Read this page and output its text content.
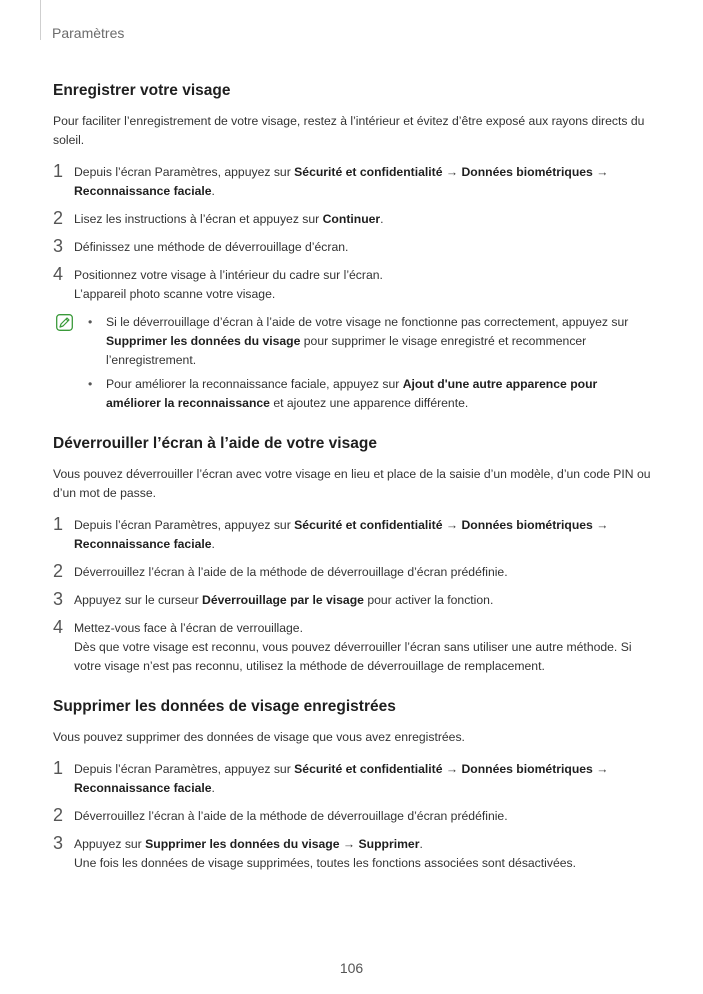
Paramètres
Enregistrer votre visage

Pour faciliter l’enregistrement de votre visage, restez à l’intérieur et évitez d’être exposé aux rayons directs du soleil.

1 Depuis l’écran Paramètres, appuyez sur Sécurité et confidentialité → Données biométriques → Reconnaissance faciale.
2 Lisez les instructions à l’écran et appuyez sur Continuer.
3 Définissez une méthode de déverrouillage d’écran.
4 Positionnez votre visage à l’intérieur du cadre sur l’écran.
L’appareil photo scanne votre visage.
• Si le déverrouillage d’écran à l’aide de votre visage ne fonctionne pas correctement, appuyez sur Supprimer les données du visage pour supprimer le visage enregistré et recommencer l’enregistrement.
• Pour améliorer la reconnaissance faciale, appuyez sur Ajout d'une autre apparence pour améliorer la reconnaissance et ajoutez une apparence différente.
Déverrouiller l’écran à l’aide de votre visage

Vous pouvez déverrouiller l’écran avec votre visage en lieu et place de la saisie d’un modèle, d’un code PIN ou d’un mot de passe.

1 Depuis l’écran Paramètres, appuyez sur Sécurité et confidentialité → Données biométriques → Reconnaissance faciale.
2 Déverrouillez l’écran à l’aide de la méthode de déverrouillage d’écran prédéfinie.
3 Appuyez sur le curseur Déverrouillage par le visage pour activer la fonction.
4 Mettez-vous face à l’écran de verrouillage.
Dès que votre visage est reconnu, vous pouvez déverrouiller l’écran sans utiliser une autre méthode. Si votre visage n’est pas reconnu, utilisez la méthode de déverrouillage de remplacement.
Supprimer les données de visage enregistrées

Vous pouvez supprimer des données de visage que vous avez enregistrées.

1 Depuis l’écran Paramètres, appuyez sur Sécurité et confidentialité → Données biométriques → Reconnaissance faciale.
2 Déverrouillez l’écran à l’aide de la méthode de déverrouillage d’écran prédéfinie.
3 Appuyez sur Supprimer les données du visage → Supprimer.
Une fois les données de visage supprimées, toutes les fonctions associées sont désactivées.
106
